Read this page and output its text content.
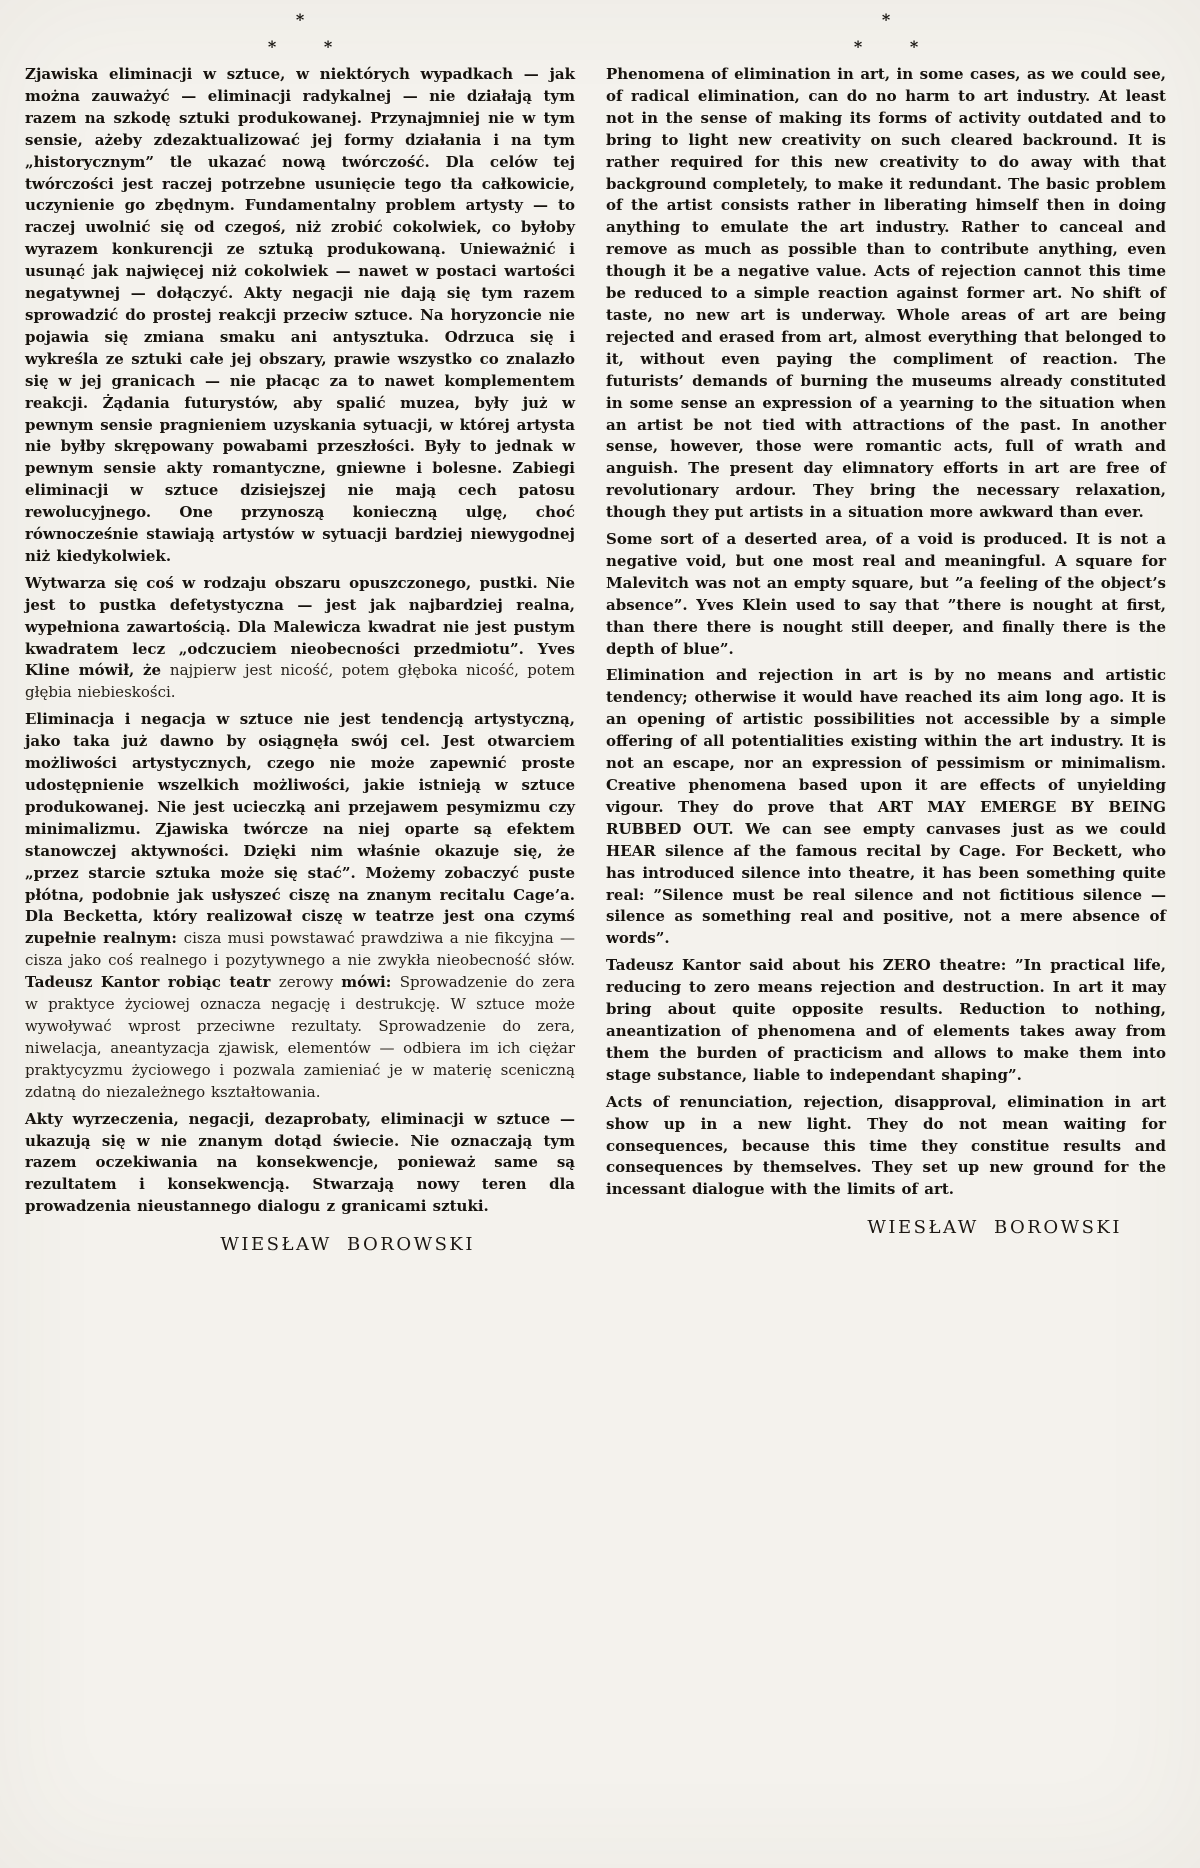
*
*	*
Zjawiska eliminacji w sztuce, w niektórych wypadkach — jak można zauważyć — eliminacji radykalnej — nie działają tym razem na szkodę sztuki produkowanej. Przynajmniej nie w tym sensie, ażeby zdezaktualizować jej formy działania i na tym „historycznym” tle ukazać nową twórczość. Dla celów tej twórczości jest raczej potrzebne usunięcie tego tła całkowicie, uczynienie go zbędnym. Fundamentalny problem artysty — to raczej uwolnić się od czegoś, niż zrobić cokolwiek, co byłoby wyrazem konkurencji ze sztuką produkowaną. Unieważnić i usunąć jak najwięcej niż cokolwiek — nawet w postaci wartości negatywnej — dołączyć. Akty negacji nie dają się tym razem sprowadzić do prostej reakcji przeciw sztuce. Na horyzoncie nie pojawia się zmiana smaku ani antysztuka. Odrzuca się i wykreśla ze sztuki całe jej obszary, prawie wszystko co znalazło się w jej granicach — nie płacąc za to nawet komplementem reakcji. Żądania futurystów, aby spalić muzea, były już w pewnym sensie pragnieniem uzyskania sytuacji, w której artysta nie byłby skrępowany powabami przeszłości. Były to jednak w pewnym sensie akty romantyczne, gniewne i bolesne. Zabiegi eliminacji w sztuce dzisiejszej nie mają cech patosu rewolucyjnego. One przynoszą konieczną ulgę, choć równocześnie stawiają artystów w sytuacji bardziej niewygodnej niż kiedykolwiek.
Wytwarza się coś w rodzaju obszaru opuszczonego, pustki. Nie jest to pustka defetystyczna — jest jak najbardziej realna, wypełniona zawartością. Dla Malewicza kwadrat nie jest pustym kwadratem lecz „odczuciem nieobecności przedmiotu”. Yves Kline mówił, że najpierw jest nicość, potem głęboka nicość, potem głębia niebieskości.
Eliminacja i negacja w sztuce nie jest tendencją artystyczną, jako taka już dawno by osiągnęła swój cel. Jest otwarciem możliwości artystycznych, czego nie może zapewnić proste udostępnienie wszelkich możliwości, jakie istnieją w sztuce produkowanej. Nie jest ucieczką ani przejawem pesymizmu czy minimalizmu. Zjawiska twórcze na niej oparte są efektem stanowczej aktywności. Dzięki nim właśnie okazuje się, że „przez starcie sztuka może się stać”. Możemy zobaczyć puste płótna, podobnie jak usłyszeć ciszę na znanym recitalu Cage’a. Dla Becketta, który realizował ciszę w teatrze jest ona czymś zupełnie realnym: cisza musi powstawać prawdziwa a nie fikcyjna — cisza jako coś realnego i pozytywnego a nie zwykła nieobecność słów. Tadeusz Kantor robiąc teatr zerowy mówi: Sprowadzenie do zera w praktyce życiowej oznacza negację i destrukcję. W sztuce może wywoływać wprost przeciwne rezultaty. Sprowadzenie do zera, niwelacja, aneantyzacja zjawisk, elementów — odbiera im ich ciężar praktycyzmu życiowego i pozwala zamieniać je w materię sceniczną zdatną do niezależnego kształtowania.
Akty wyrzeczenia, negacji, dezaprobaty, eliminacji w sztuce — ukazują się w nie znanym dotąd świecie. Nie oznaczają tym razem oczekiwania na konsekwencje, ponieważ same są rezultatem i konsekwencją. Stwarzają nowy teren dla prowadzenia nieustannego dialogu z granicami sztuki.
WIESŁAW BOROWSKI
*
*	*
Phenomena of elimination in art, in some cases, as we could see, of radical elimination, can do no harm to art industry. At least not in the sense of making its forms of activity outdated and to bring to light new creativity on such cleared backround. It is rather required for this new creativity to do away with that background completely, to make it redundant. The basic problem of the artist consists rather in liberating himself then in doing anything to emulate the art industry. Rather to canceal and remove as much as possible than to contribute anything, even though it be a negative value. Acts of rejection cannot this time be reduced to a simple reaction against former art. No shift of taste, no new art is underway. Whole areas of art are being rejected and erased from art, almost everything that belonged to it, without even paying the compliment of reaction. The futurists’ demands of burning the museums already constituted in some sense an expression of a yearning to the situation when an artist be not tied with attractions of the past. In another sense, however, those were romantic acts, full of wrath and anguish. The present day elimnatory efforts in art are free of revolutionary ardour. They bring the necessary relaxation, though they put artists in a situation more awkward than ever.
Some sort of a deserted area, of a void is produced. It is not a negative void, but one most real and meaningful. A square for Malevitch was not an empty square, but ”a feeling of the object’s absence”. Yves Klein used to say that ”there is nought at first, than there there is nought still deeper, and finally there is the depth of blue”.
Elimination and rejection in art is by no means and artistic tendency; otherwise it would have reached its aim long ago. It is an opening of artistic possibilities not accessible by a simple offering of all potentialities existing within the art industry. It is not an escape, nor an expression of pessimism or minimalism. Creative phenomena based upon it are effects of unyielding vigour. They do prove that ART MAY EMERGE BY BEING RUBBED OUT. We can see empty canvases just as we could HEAR silence af the famous recital by Cage. For Beckett, who has introduced silence into theatre, it has been something quite real: ”Silence must be real silence and not fictitious silence — silence as something real and positive, not a mere absence of words”.
Tadeusz Kantor said about his ZERO theatre: ”In practical life, reducing to zero means rejection and destruction. In art it may bring about quite opposite results. Reduction to nothing, aneantization of phenomena and of elements takes away from them the burden of practicism and allows to make them into stage substance, liable to independant shaping”.
Acts of renunciation, rejection, disapproval, elimination in art show up in a new light. They do not mean waiting for consequences, because this time they constitue results and consequences by themselves. They set up new ground for the incessant dialogue with the limits of art.
WIESŁAW BOROWSKI
